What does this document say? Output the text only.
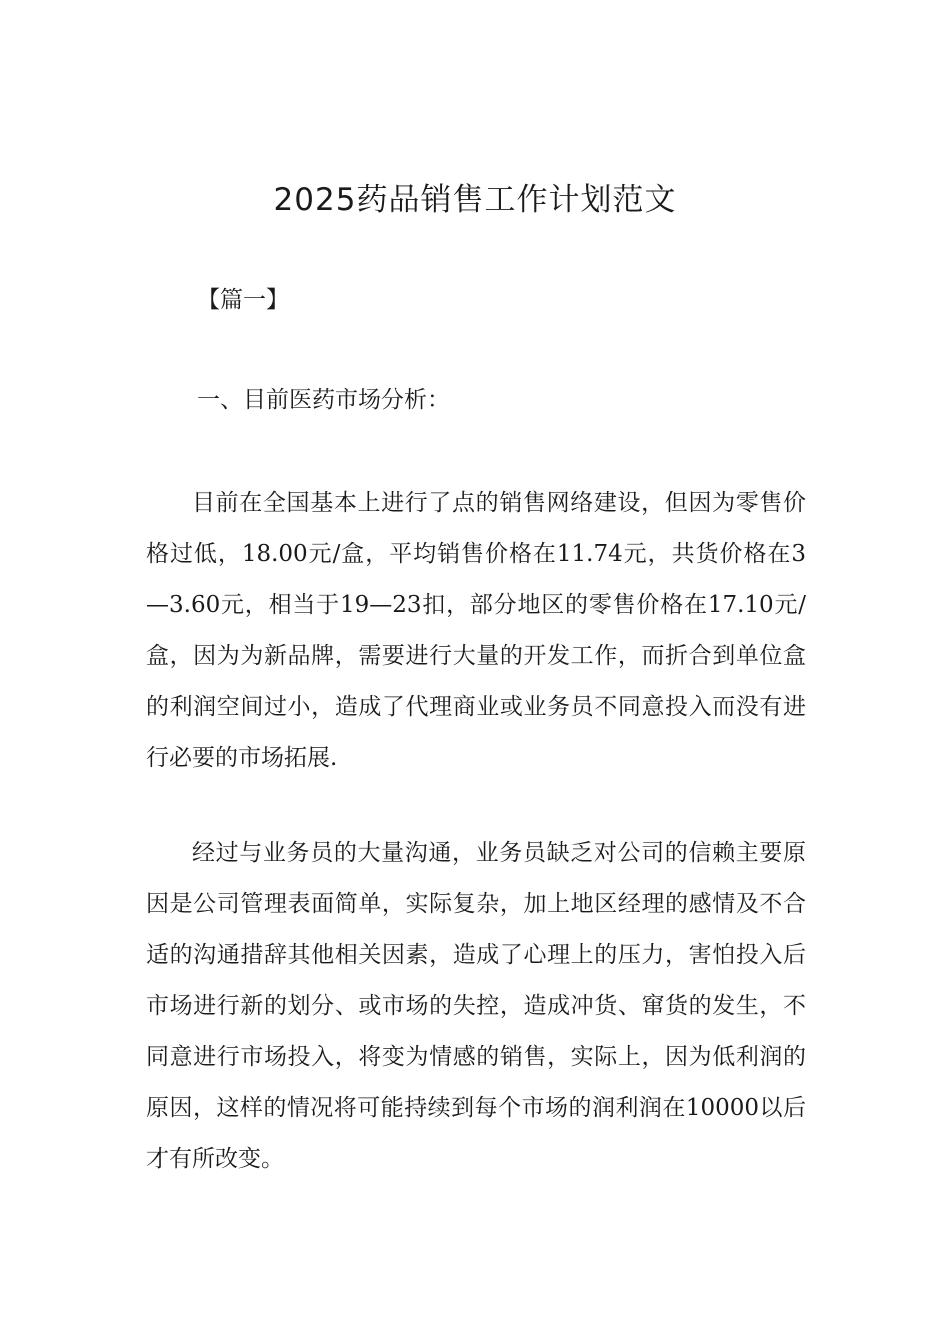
2025药品销售工作计划范文

【篇一】

一、目前医药市场分析：

目前在全国基本上进行了点的销售网络建设，但因为零售价格过低，18.00元/盒，平均销售价格在11.74元，共货价格在3—3.60元，相当于19—23扣，部分地区的零售价格在17.10元/盒，因为为新品牌，需要进行大量的开发工作，而折合到单位盒的利润空间过小，造成了代理商业或业务员不同意投入而没有进行必要的市场拓展.

经过与业务员的大量沟通，业务员缺乏对公司的信赖主要原因是公司管理表面简单，实际复杂，加上地区经理的感情及不合适的沟通措辞其他相关因素，造成了心理上的压力，害怕投入后市场进行新的划分、或市场的失控，造成冲货、窜货的发生，不同意进行市场投入，将变为情感的销售，实际上，因为低利润的原因，这样的情况将可能持续到每个市场的润利润在10000以后才有所改变。
